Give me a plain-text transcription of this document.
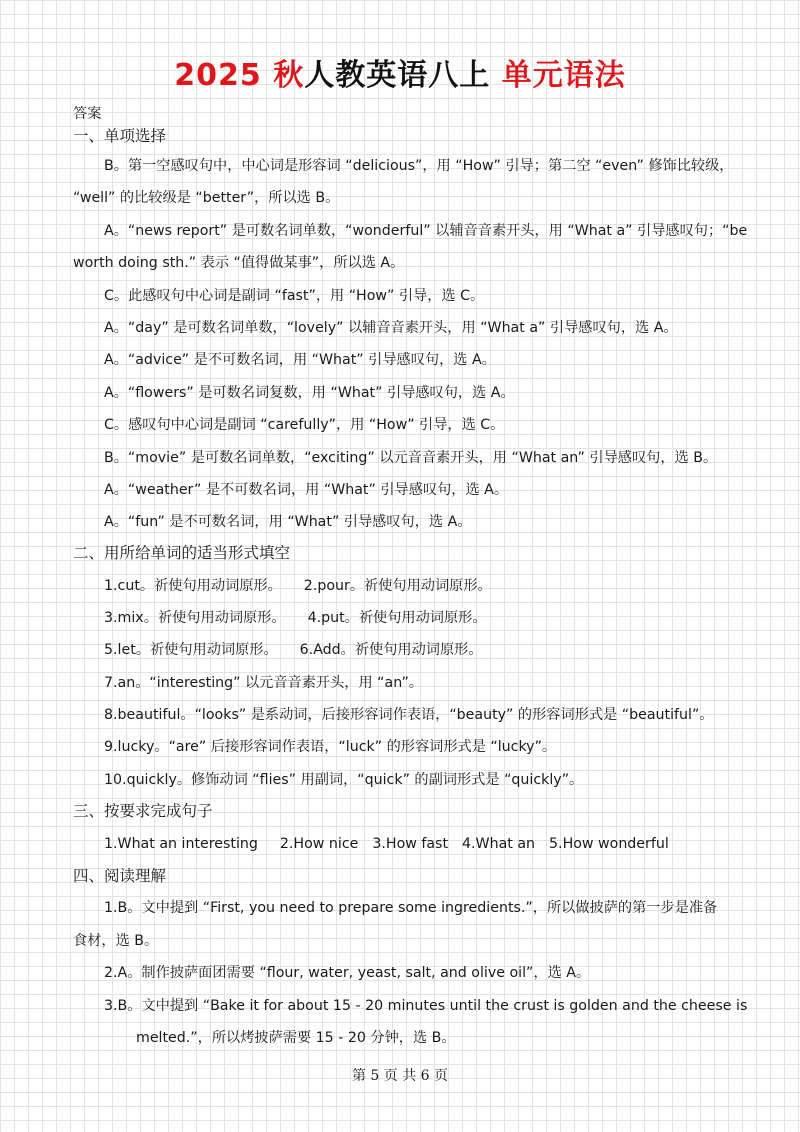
2025 秋人教英语八上 单元语法
答案
一、单项选择
B。第一空感叹句中，中心词是形容词 “delicious”，用 “How” 引导；第二空 “even” 修饰比较级，
“well” 的比较级是 “better”，所以选 B。
A。“news report” 是可数名词单数，“wonderful” 以辅音音素开头，用 “What a” 引导感叹句；“be
worth doing sth.” 表示 “值得做某事”，所以选 A。
C。此感叹句中心词是副词 “fast”，用 “How” 引导，选 C。
A。“day” 是可数名词单数，“lovely” 以辅音音素开头，用 “What a” 引导感叹句，选 A。
A。“advice” 是不可数名词，用 “What” 引导感叹句，选 A。
A。“flowers” 是可数名词复数，用 “What” 引导感叹句，选 A。
C。感叹句中心词是副词 “carefully”，用 “How” 引导，选 C。
B。“movie” 是可数名词单数，“exciting” 以元音音素开头，用 “What an” 引导感叹句，选 B。
A。“weather” 是不可数名词，用 “What” 引导感叹句，选 A。
A。“fun” 是不可数名词，用 “What” 引导感叹句，选 A。
二、用所给单词的适当形式填空
1.cut。祈使句用动词原形。 2.pour。祈使句用动词原形。
3.mix。祈使句用动词原形。 4.put。祈使句用动词原形。
5.let。祈使句用动词原形。 6.Add。祈使句用动词原形。
7.an。“interesting” 以元音音素开头，用 “an”。
8.beautiful。“looks” 是系动词，后接形容词作表语，“beauty” 的形容词形式是 “beautiful”。
9.lucky。“are” 后接形容词作表语，“luck” 的形容词形式是 “lucky”。
10.quickly。修饰动词 “flies” 用副词，“quick” 的副词形式是 “quickly”。
三、按要求完成句子
1.What an interesting 2.How nice 3.How fast 4.What an 5.How wonderful
四、阅读理解
1.B。文中提到 “First, you need to prepare some ingredients.”，所以做披萨的第一步是准备
食材，选 B。
2.A。制作披萨面团需要 “flour, water, yeast, salt, and olive oil”，选 A。
3.B。文中提到 “Bake it for about 15 - 20 minutes until the crust is golden and the cheese is
melted.”，所以烤披萨需要 15 - 20 分钟，选 B。
第 5 页 共 6 页
